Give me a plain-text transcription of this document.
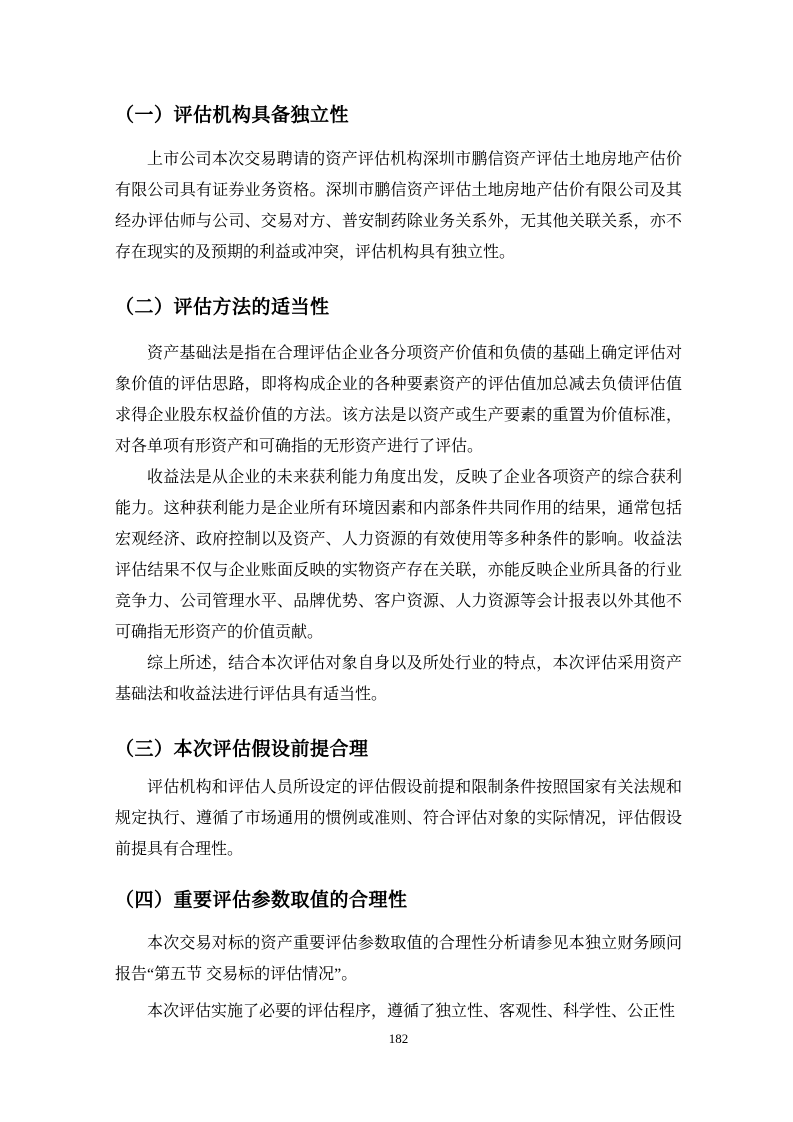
（一）评估机构具备独立性

上市公司本次交易聘请的资产评估机构深圳市鹏信资产评估土地房地产估价有限公司具有证券业务资格。深圳市鹏信资产评估土地房地产估价有限公司及其经办评估师与公司、交易对方、普安制药除业务关系外，无其他关联关系，亦不存在现实的及预期的利益或冲突，评估机构具有独立性。

（二）评估方法的适当性

资产基础法是指在合理评估企业各分项资产价值和负债的基础上确定评估对象价值的评估思路，即将构成企业的各种要素资产的评估值加总减去负债评估值求得企业股东权益价值的方法。该方法是以资产或生产要素的重置为价值标准，对各单项有形资产和可确指的无形资产进行了评估。

收益法是从企业的未来获利能力角度出发，反映了企业各项资产的综合获利能力。这种获利能力是企业所有环境因素和内部条件共同作用的结果，通常包括宏观经济、政府控制以及资产、人力资源的有效使用等多种条件的影响。收益法评估结果不仅与企业账面反映的实物资产存在关联，亦能反映企业所具备的行业竞争力、公司管理水平、品牌优势、客户资源、人力资源等会计报表以外其他不可确指无形资产的价值贡献。

综上所述，结合本次评估对象自身以及所处行业的特点，本次评估采用资产基础法和收益法进行评估具有适当性。

（三）本次评估假设前提合理

评估机构和评估人员所设定的评估假设前提和限制条件按照国家有关法规和规定执行、遵循了市场通用的惯例或准则、符合评估对象的实际情况，评估假设前提具有合理性。

（四）重要评估参数取值的合理性

本次交易对标的资产重要评估参数取值的合理性分析请参见本独立财务顾问报告“第五节 交易标的评估情况”。

本次评估实施了必要的评估程序，遵循了独立性、客观性、科学性、公正性

182
